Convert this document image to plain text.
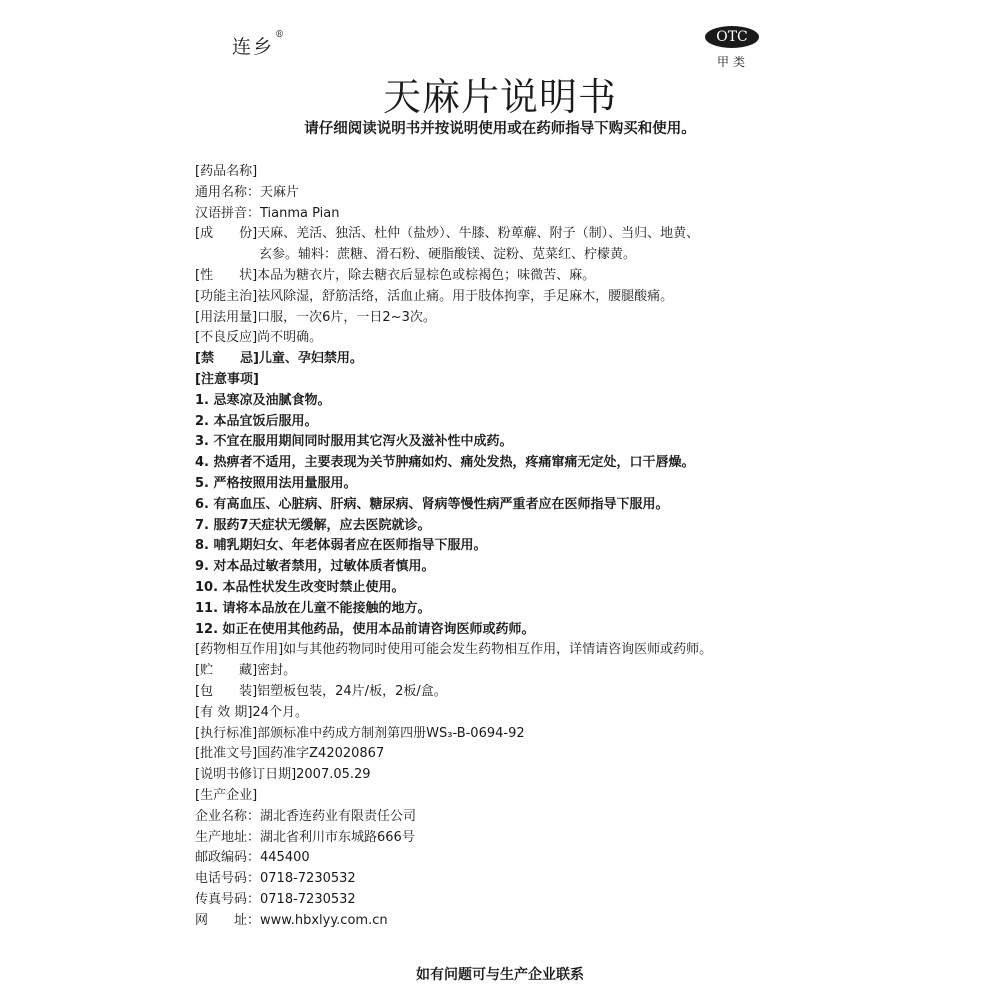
连乡®	OTC
甲类
天麻片说明书
请仔细阅读说明书并按说明使用或在药师指导下购买和使用。
[药品名称]
通用名称：天麻片
汉语拼音：Tianma Pian
[成　　份]天麻、羌活、独活、杜仲（盐炒）、牛膝、粉萆薢、附子（制）、当归、地黄、
玄参。辅料：蔗糖、滑石粉、硬脂酸镁、淀粉、苋菜红、柠檬黄。
[性　　状]本品为糖衣片，除去糖衣后显棕色或棕褐色；味微苦、麻。
[功能主治]祛风除湿，舒筋活络，活血止痛。用于肢体拘挛，手足麻木，腰腿酸痛。
[用法用量]口服，一次6片，一日2~3次。
[不良反应]尚不明确。
[禁　　忌]儿童、孕妇禁用。
[注意事项]
1. 忌寒凉及油腻食物。
2. 本品宜饭后服用。
3. 不宜在服用期间同时服用其它泻火及滋补性中成药。
4. 热痹者不适用，主要表现为关节肿痛如灼、痛处发热，疼痛窜痛无定处，口干唇燥。
5. 严格按照用法用量服用。
6. 有高血压、心脏病、肝病、糖尿病、肾病等慢性病严重者应在医师指导下服用。
7. 服药7天症状无缓解，应去医院就诊。
8. 哺乳期妇女、年老体弱者应在医师指导下服用。
9. 对本品过敏者禁用，过敏体质者慎用。
10. 本品性状发生改变时禁止使用。
11. 请将本品放在儿童不能接触的地方。
12. 如正在使用其他药品，使用本品前请咨询医师或药师。
[药物相互作用]如与其他药物同时使用可能会发生药物相互作用，详情请咨询医师或药师。
[贮　　藏]密封。
[包　　装]铝塑板包装，24片/板，2板/盒。
[有 效 期]24个月。
[执行标准]部颁标准中药成方制剂第四册WS₃-B-0694-92
[批准文号]国药准字Z42020867
[说明书修订日期]2007.05.29
[生产企业]
企业名称：湖北香连药业有限责任公司
生产地址：湖北省利川市东城路666号
邮政编码：445400
电话号码：0718-7230532
传真号码：0718-7230532
网　　址：www.hbxlyy.com.cn
如有问题可与生产企业联系
